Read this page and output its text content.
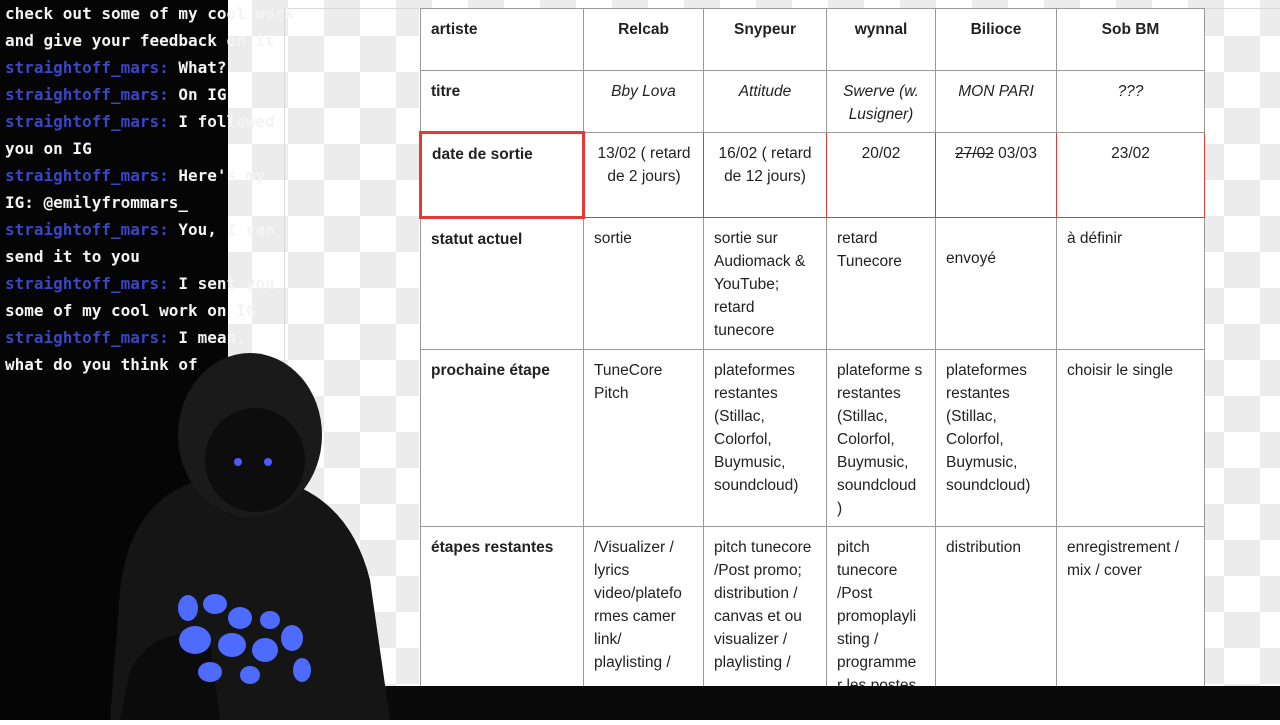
artiste	Relcab	Snypeur	wynnal	Bilioce	Sob BM
titre	Bby Lova	Attitude	Swerve (w. Lusigner)	MON PARI	???
date de sortie	13/02 ( retard de 2 jours)	16/02 ( retard de 12 jours)	20/02	27/02 03/03	23/02
statut actuel	sortie	sortie sur Audiomack & YouTube; retard tunecore	retard Tunecore	envoyé	à définir
prochaine étape	TuneCore Pitch	plateformes restantes (Stillac, Colorfol, Buymusic, soundcloud)	plateforme s restantes (Stillac, Colorfol, Buymusic, soundcloud )	plateformes restantes (Stillac, Colorfol, Buymusic, soundcloud)	choisir le single
étapes restantes	/Visualizer / lyrics video/platefo rmes camer link/ playlisting /	pitch tunecore /Post promo; distribution / canvas et ou visualizer / playlisting /	pitch tunecore /Post promoplayli sting / programme	distribution	enregistrement / mix / cover
check out some of my cool work
and give your feedback on it
straightoff_mars: What?
straightoff_mars: On IG
straightoff_mars: I followed
you on IG
straightoff_mars: Here's my
IG: @emilyfrommars_
straightoff_mars: You, I can
send it to you
straightoff_mars: I sent you
some of my cool work on IG
straightoff_mars: I mean,
what do you think of
